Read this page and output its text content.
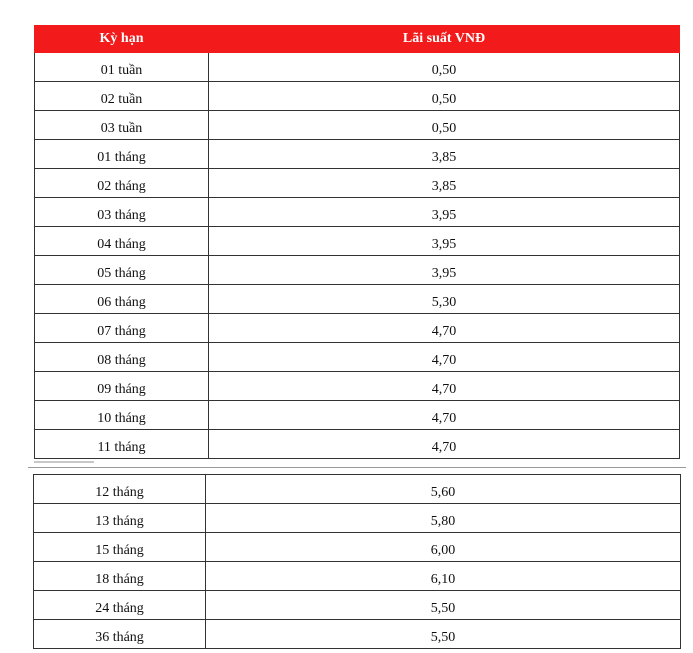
Kỳ hạn	Lãi suất VNĐ
01 tuần	0,50
02 tuần	0,50
03 tuần	0,50
01 tháng	3,85
02 tháng	3,85
03 tháng	3,95
04 tháng	3,95
05 tháng	3,95
06 tháng	5,30
07 tháng	4,70
08 tháng	4,70
09 tháng	4,70
10 tháng	4,70
11 tháng	4,70
12 tháng	5,60
13 tháng	5,80
15 tháng	6,00
18 tháng	6,10
24 tháng	5,50
36 tháng	5,50
